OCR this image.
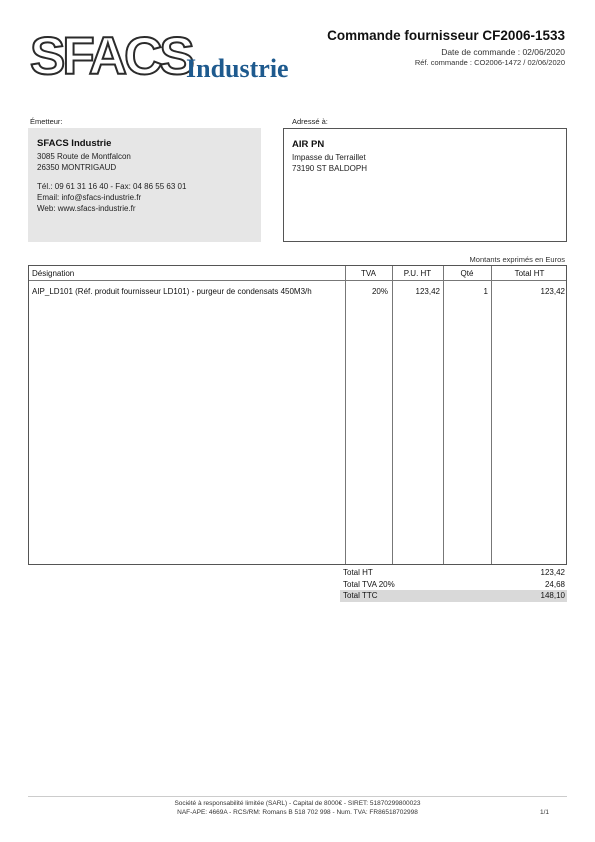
SFACS
Industrie
Commande fournisseur CF2006-1533
Date de commande : 02/06/2020
Réf. commande : CO2006-1472 / 02/06/2020
Émetteur:	Adressé à:
SFACS Industrie
3085 Route de Montfalcon
26350 MONTRIGAUD
Tél.: 09 61 31 16 40 - Fax: 04 86 55 63 01
Email: info@sfacs-industrie.fr
Web: www.sfacs-industrie.fr
AIR PN
Impasse du Terraillet
73190 ST BALDOPH
Montants exprimés en Euros
Désignation	TVA	P.U. HT	Qté	Total HT
AIP_LD101 (Réf. produit fournisseur LD101) - purgeur de condensats 450M3/h	20%	123,42	1	123,42
Total HT	123,42
Total TVA 20%	24,68
Total TTC	148,10
Société à responsabilité limitée (SARL) - Capital de 8000€ - SIRET: 51870299800023
NAF-APE: 4669A - RCS/RM: Romans B 518 702 998 - Num. TVA: FR86518702998	1/1
